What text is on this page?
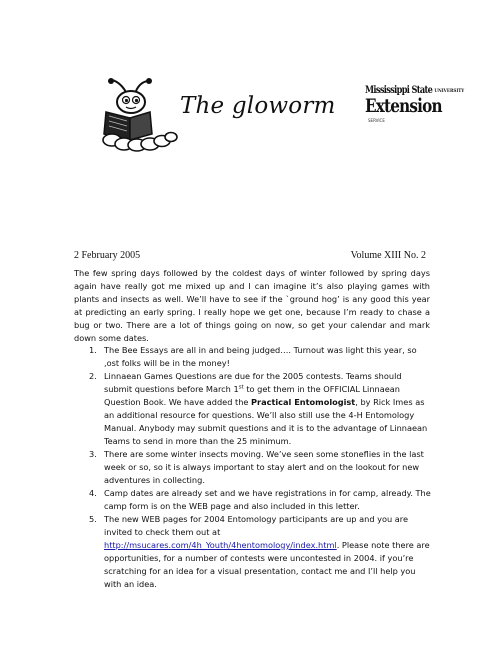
The gloworm
Mississippi State $^{UNIVERSITY}$
Extension
SERVICE
2 February 2005	Volume XIII No. 2

The few spring days followed by the coldest days of winter followed by spring days again have really got me mixed up and I can imagine it’s also playing games with plants and insects as well. We’ll have to see if the `ground hog’ is any good this year at predicting an early spring. I really hope we get one, because I’m ready to chase a bug or two. There are a lot of things going on now, so get your calendar and mark down some dates.

1. The Bee Essays are all in and being judged…. Turnout was light this year, so ,ost folks will be in the money!
2. Linnaean Games Questions are due for the 2005 contests. Teams should submit questions before March 1st to get them in the OFFICIAL Linnaean Question Book. We have added the Practical Entomologist, by Rick Imes as an additional resource for questions. We’ll also still use the 4-H Entomology Manual. Anybody may submit questions and it is to the advantage of Linnaean Teams to send in more than the 25 minimum.
3. There are some winter insects moving. We’ve seen some stoneflies in the last week or so, so it is always important to stay alert and on the lookout for new adventures in collecting.
4. Camp dates are already set and we have registrations in for camp, already. The camp form is on the WEB page and also included in this letter.
5. The new WEB pages for 2004 Entomology participants are up and you are invited to check them out at http://msucares.com/4h_Youth/4hentomology/index.html. Please note there are opportunities, for a number of contests were uncontested in 2004. if you’re scratching for an idea for a visual presentation, contact me and I’ll help you with an idea.
